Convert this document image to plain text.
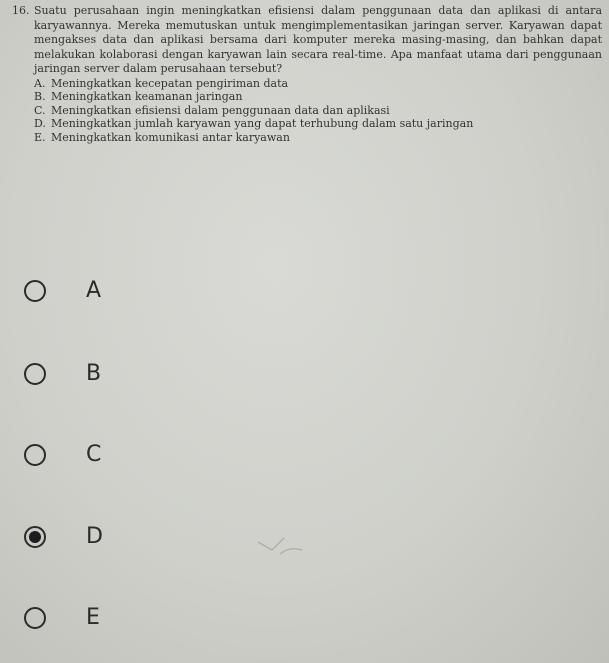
16. Suatu perusahaan ingin meningkatkan efisiensi dalam penggunaan data dan aplikasi di antara karyawannya. Mereka memutuskan untuk mengimplementasikan jaringan server. Karyawan dapat mengakses data dan aplikasi bersama dari komputer mereka masing-masing, dan bahkan dapat melakukan kolaborasi dengan karyawan lain secara real-time. Apa manfaat utama dari penggunaan jaringan server dalam perusahaan tersebut?
A. Meningkatkan kecepatan pengiriman data
B. Meningkatkan keamanan jaringan
C. Meningkatkan efisiensi dalam penggunaan data dan aplikasi
D. Meningkatkan jumlah karyawan yang dapat terhubung dalam satu jaringan
E. Meningkatkan komunikasi antar karyawan
A
B
C
D
E
